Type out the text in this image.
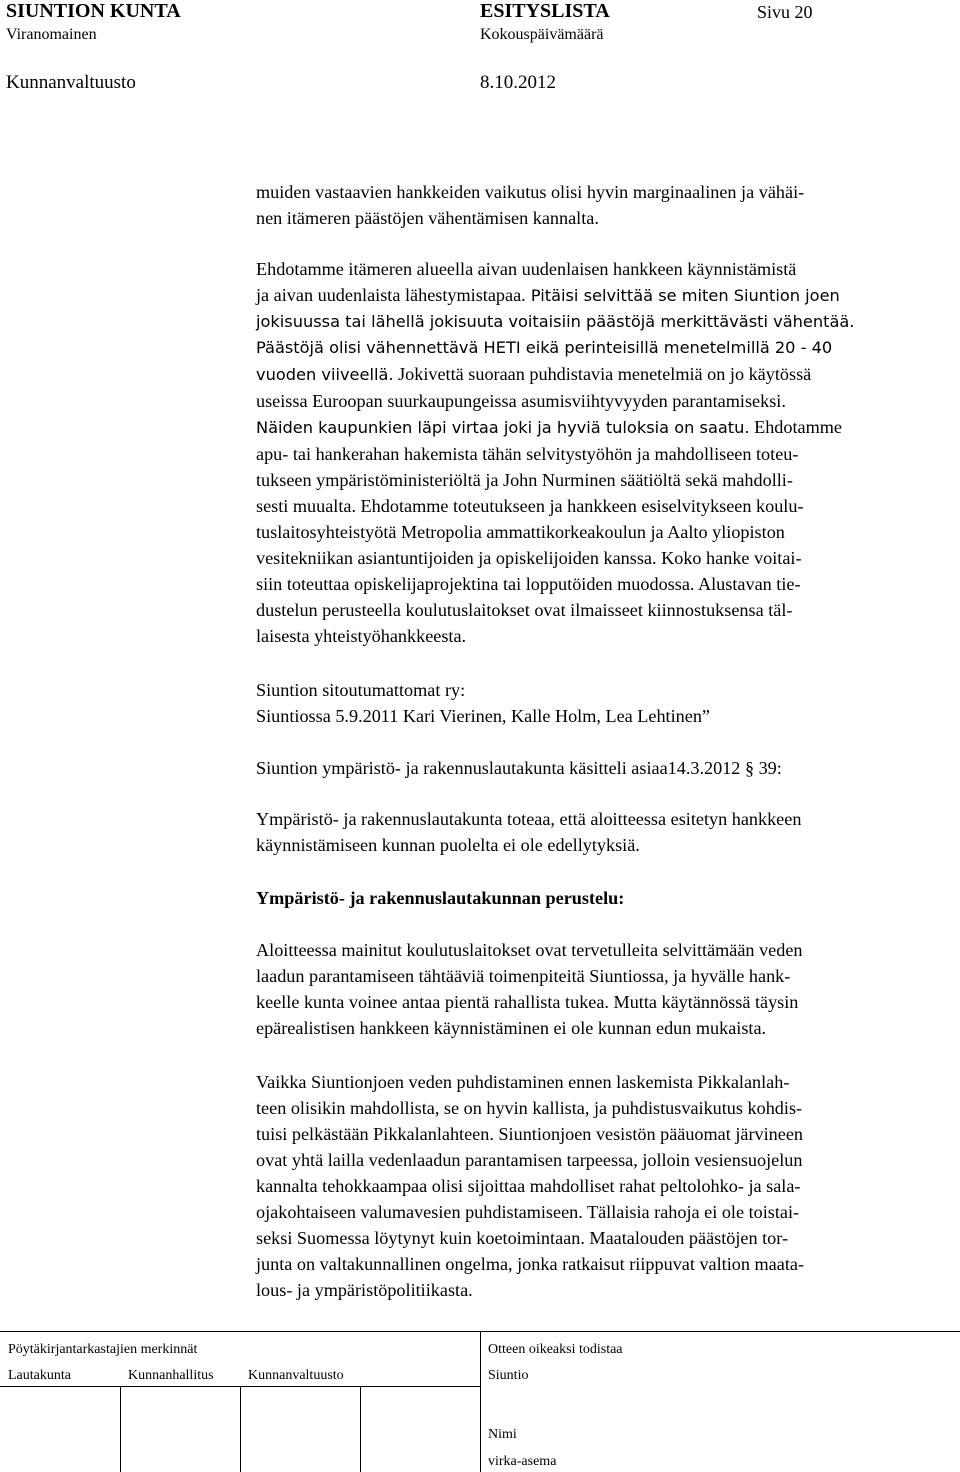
SIUNTION KUNTA	ESITYSLISTA	Sivu 20
Viranomainen	Kokouspäivämäärä
Kunnanvaltuusto	8.10.2012
muiden vastaavien hankkeiden vaikutus olisi hyvin marginaalinen ja vähäi-
nen itämeren päästöjen vähentämisen kannalta.
Ehdotamme itämeren alueella aivan uudenlaisen hankkeen käynnistämistä
ja aivan uudenlaista lähestymistapaa. Pitäisi selvittää se miten Siuntion joen
jokisuussa tai lähellä jokisuuta voitaisiin päästöjä merkittävästi vähentää.
Päästöjä olisi vähennettävä HETI eikä perinteisillä menetelmillä 20 - 40
vuoden viiveellä. Jokivettä suoraan puhdistavia menetelmiä on jo käytössä
useissa Euroopan suurkaupungeissa asumisviihtyvyyden parantamiseksi.
Näiden kaupunkien läpi virtaa joki ja hyviä tuloksia on saatu. Ehdotamme
apu- tai hankerahan hakemista tähän selvitystyöhön ja mahdolliseen toteu-
tukseen ympäristöministeriöltä ja John Nurminen säätiöltä sekä mahdolli-
sesti muualta. Ehdotamme toteutukseen ja hankkeen esiselvitykseen koulu-
tuslaitosyhteistyötä Metropolia ammattikorkeakoulun ja Aalto yliopiston
vesitekniikan asiantuntijoiden ja opiskelijoiden kanssa. Koko hanke voitai-
siin toteuttaa opiskelijaprojektina tai lopputöiden muodossa. Alustavan tie-
dustelun perusteella koulutuslaitokset ovat ilmaisseet kiinnostuksensa täl-
laisesta yhteistyöhankkeesta.
Siuntion sitoutumattomat ry:
Siuntiossa 5.9.2011 Kari Vierinen, Kalle Holm, Lea Lehtinen”
Siuntion ympäristö- ja rakennuslautakunta käsitteli asiaa14.3.2012 § 39:
Ympäristö- ja rakennuslautakunta toteaa, että aloitteessa esitetyn hankkeen
käynnistämiseen kunnan puolelta ei ole edellytyksiä.
Ympäristö- ja rakennuslautakunnan perustelu:
Aloitteessa mainitut koulutuslaitokset ovat tervetulleita selvittämään veden
laadun parantamiseen tähtääviä toimenpiteitä Siuntiossa, ja hyvälle hank-
keelle kunta voinee antaa pientä rahallista tukea. Mutta käytännössä täysin
epärealistisen hankkeen käynnistäminen ei ole kunnan edun mukaista.
Vaikka Siuntionjoen veden puhdistaminen ennen laskemista Pikkalanlah-
teen olisikin mahdollista, se on hyvin kallista, ja puhdistusvaikutus kohdis-
tuisi pelkästään Pikkalanlahteen. Siuntionjoen vesistön pääuomat järvineen
ovat yhtä lailla vedenlaadun parantamisen tarpeessa, jolloin vesiensuojelun
kannalta tehokkaampaa olisi sijoittaa mahdolliset rahat peltolohko- ja sala-
ojakohtaiseen valumavesien puhdistamiseen. Tällaisia rahoja ei ole toistai-
seksi Suomessa löytynyt kuin koetoimintaan. Maatalouden päästöjen tor-
junta on valtakunnallinen ongelma, jonka ratkaisut riippuvat valtion maata-
lous- ja ympäristöpolitiikasta.
Pöytäkirjantarkastajien merkinnät	Otteen oikeaksi todistaa
Lautakunta	Kunnanhallitus Kunnanvaltuusto	Siuntio
Nimi
virka-asema
